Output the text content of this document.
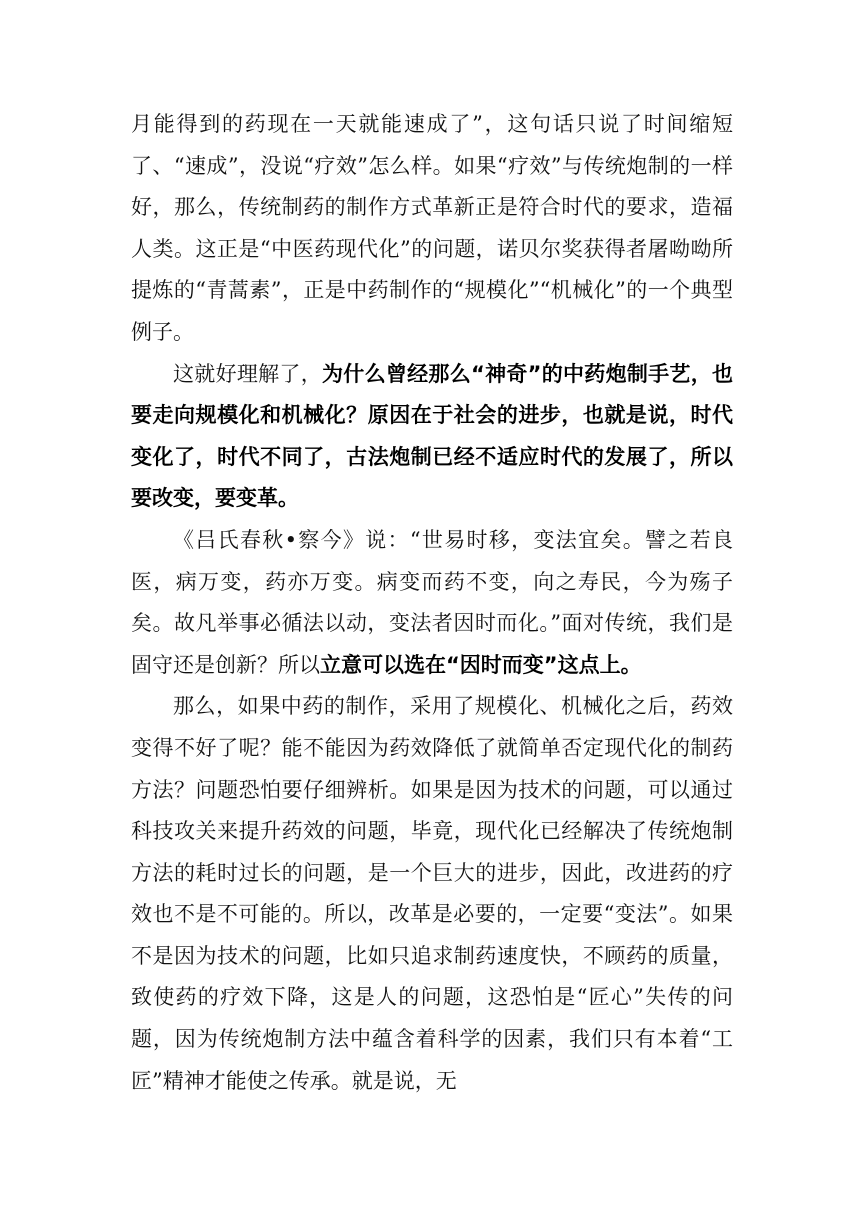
月能得到的药现在一天就能速成了”，这句话只说了时间缩短了、“速成”，没说“疗效”怎么样。如果“疗效”与传统炮制的一样好，那么，传统制药的制作方式革新正是符合时代的要求，造福人类。这正是“中医药现代化”的问题，诺贝尔奖获得者屠呦呦所提炼的“青蒿素”，正是中药制作的“规模化”“机械化”的一个典型例子。

这就好理解了，为什么曾经那么“神奇”的中药炮制手艺，也要走向规模化和机械化？原因在于社会的进步，也就是说，时代变化了，时代不同了，古法炮制已经不适应时代的发展了，所以要改变，要变革。

《吕氏春秋•察今》说：“世易时移，变法宜矣。譬之若良医，病万变，药亦万变。病变而药不变，向之寿民，今为殇子矣。故凡举事必循法以动，变法者因时而化。”面对传统，我们是固守还是创新？所以立意可以选在“因时而变”这点上。

那么，如果中药的制作，采用了规模化、机械化之后，药效变得不好了呢？能不能因为药效降低了就简单否定现代化的制药方法？问题恐怕要仔细辨析。如果是因为技术的问题，可以通过科技攻关来提升药效的问题，毕竟，现代化已经解决了传统炮制方法的耗时过长的问题，是一个巨大的进步，因此，改进药的疗效也不是不可能的。所以，改革是必要的，一定要“变法”。如果不是因为技术的问题，比如只追求制药速度快，不顾药的质量，致使药的疗效下降，这是人的问题，这恐怕是“匠心”失传的问题，因为传统炮制方法中蕴含着科学的因素，我们只有本着“工匠”精神才能使之传承。就是说，无
